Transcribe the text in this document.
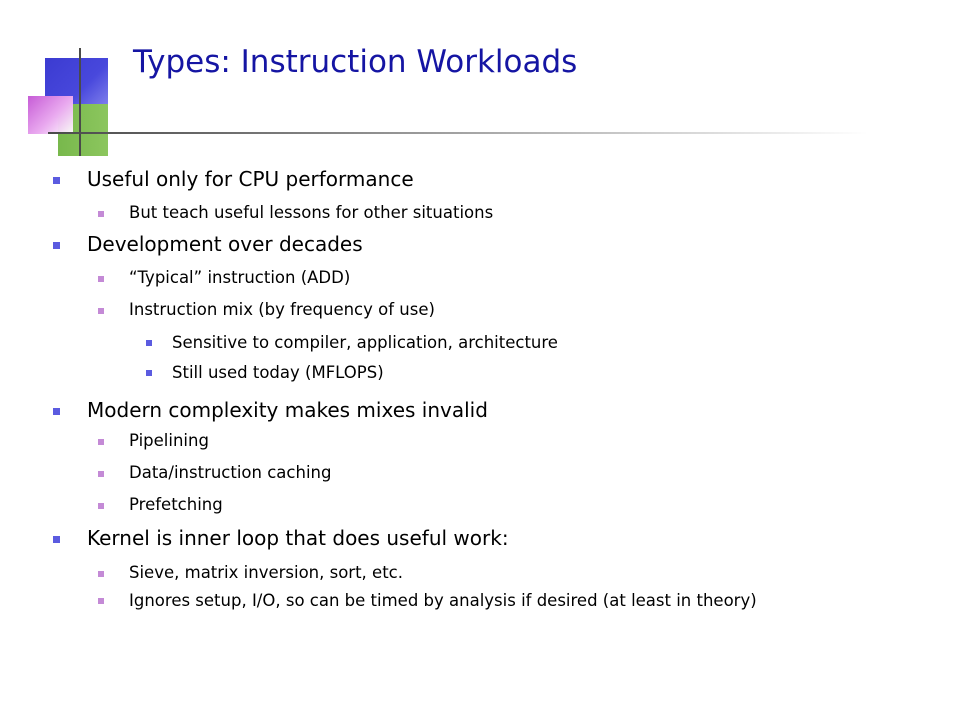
Types: Instruction Workloads
Useful only for CPU performance
But teach useful lessons for other situations
Development over decades
“Typical” instruction (ADD)
Instruction mix (by frequency of use)
Sensitive to compiler, application, architecture
Still used today (MFLOPS)
Modern complexity makes mixes invalid
Pipelining
Data/instruction caching
Prefetching
Kernel is inner loop that does useful work:
Sieve, matrix inversion, sort, etc.
Ignores setup, I/O, so can be timed by analysis if desired (at least in theory)
